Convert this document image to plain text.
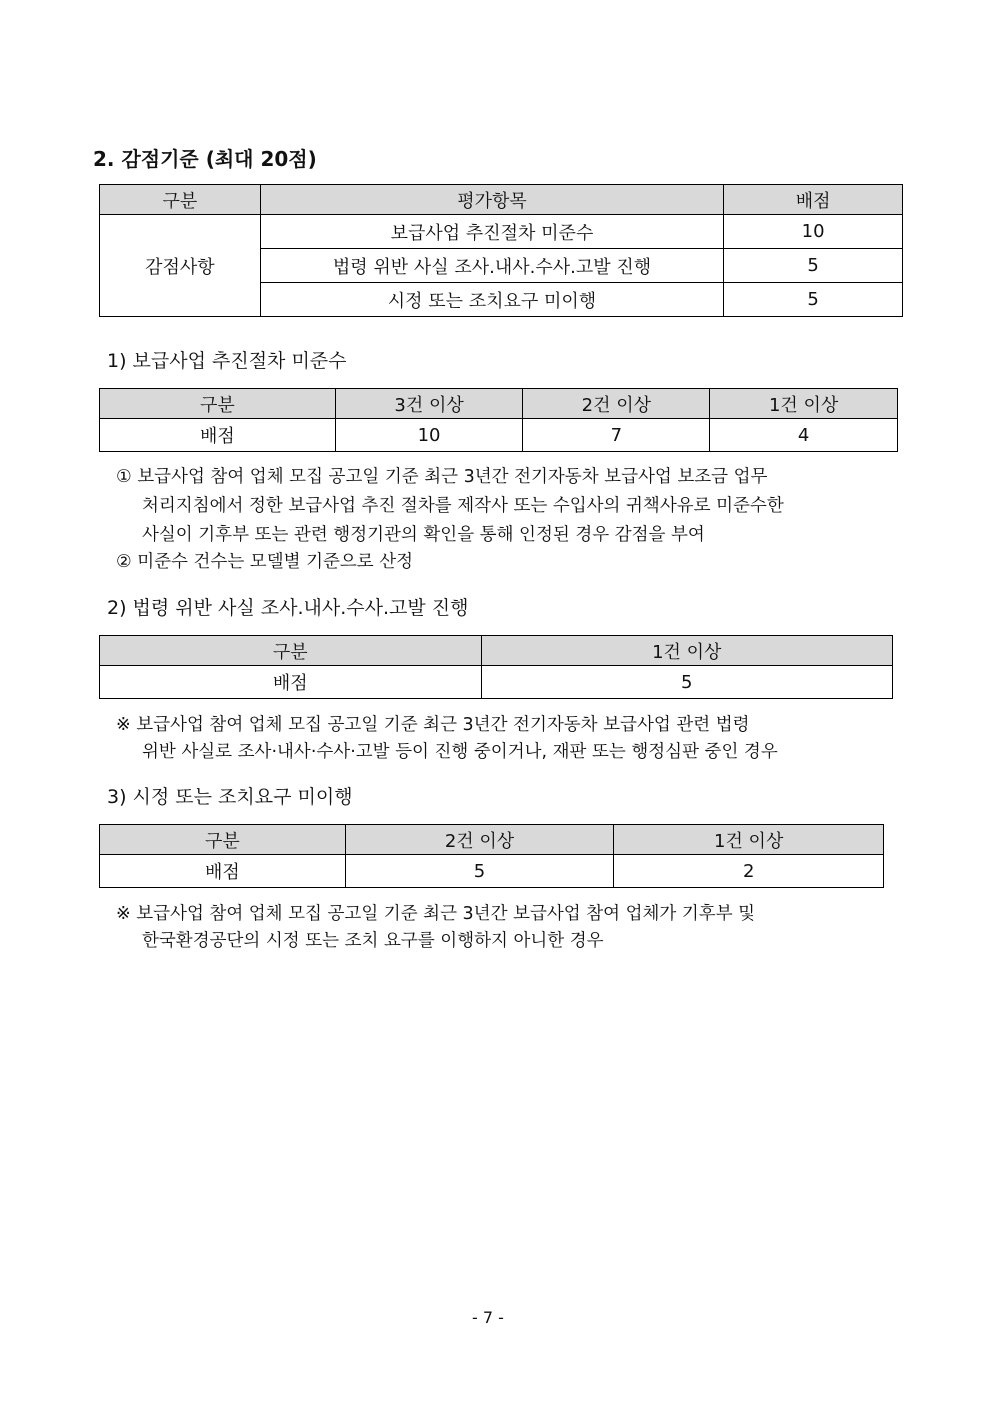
2. 감점기준 (최대 20점)
구분	평가항목	배점
감점사항	보급사업 추진절차 미준수	10
	법령 위반 사실 조사.내사.수사.고발 진행	5
	시정 또는 조치요구 미이행	5
1) 보급사업 추진절차 미준수
구분	3건 이상	2건 이상	1건 이상
배점	10	7	4
① 보급사업 참여 업체 모집 공고일 기준 최근 3년간 전기자동차 보급사업 보조금 업무
처리지침에서 정한 보급사업 추진 절차를 제작사 또는 수입사의 귀책사유로 미준수한
사실이 기후부 또는 관련 행정기관의 확인을 통해 인정된 경우 감점을 부여
② 미준수 건수는 모델별 기준으로 산정
2) 법령 위반 사실 조사.내사.수사.고발 진행
구분	1건 이상
배점	5
※ 보급사업 참여 업체 모집 공고일 기준 최근 3년간 전기자동차 보급사업 관련 법령
위반 사실로 조사·내사·수사·고발 등이 진행 중이거나, 재판 또는 행정심판 중인 경우
3) 시정 또는 조치요구 미이행
구분	2건 이상	1건 이상
배점	5	2
※ 보급사업 참여 업체 모집 공고일 기준 최근 3년간 보급사업 참여 업체가 기후부 및
한국환경공단의 시정 또는 조치 요구를 이행하지 아니한 경우
- 7 -
